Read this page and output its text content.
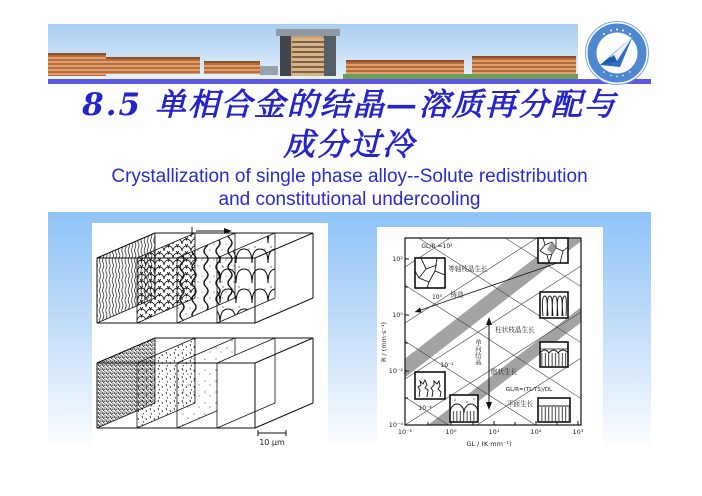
8.5 单相合金的结晶—溶质再分配与
成分过冷
Crystallization of single phase alloy--Solute redistribution
and constitutional undercooling
10 μm
10²
10⁰
10⁻²
10⁻⁴
10⁻¹	10⁰	10¹	10²	10³
R / (mm·s⁻¹)
GL / (K·mm⁻¹)
GL/R =10²
10⁰
10⁻²
10⁻⁴
等轴枝晶生长
铸造
柱状枝晶生长
胞状生长
GL/R=(TL-TS)/DL
平面生长
单向结晶
